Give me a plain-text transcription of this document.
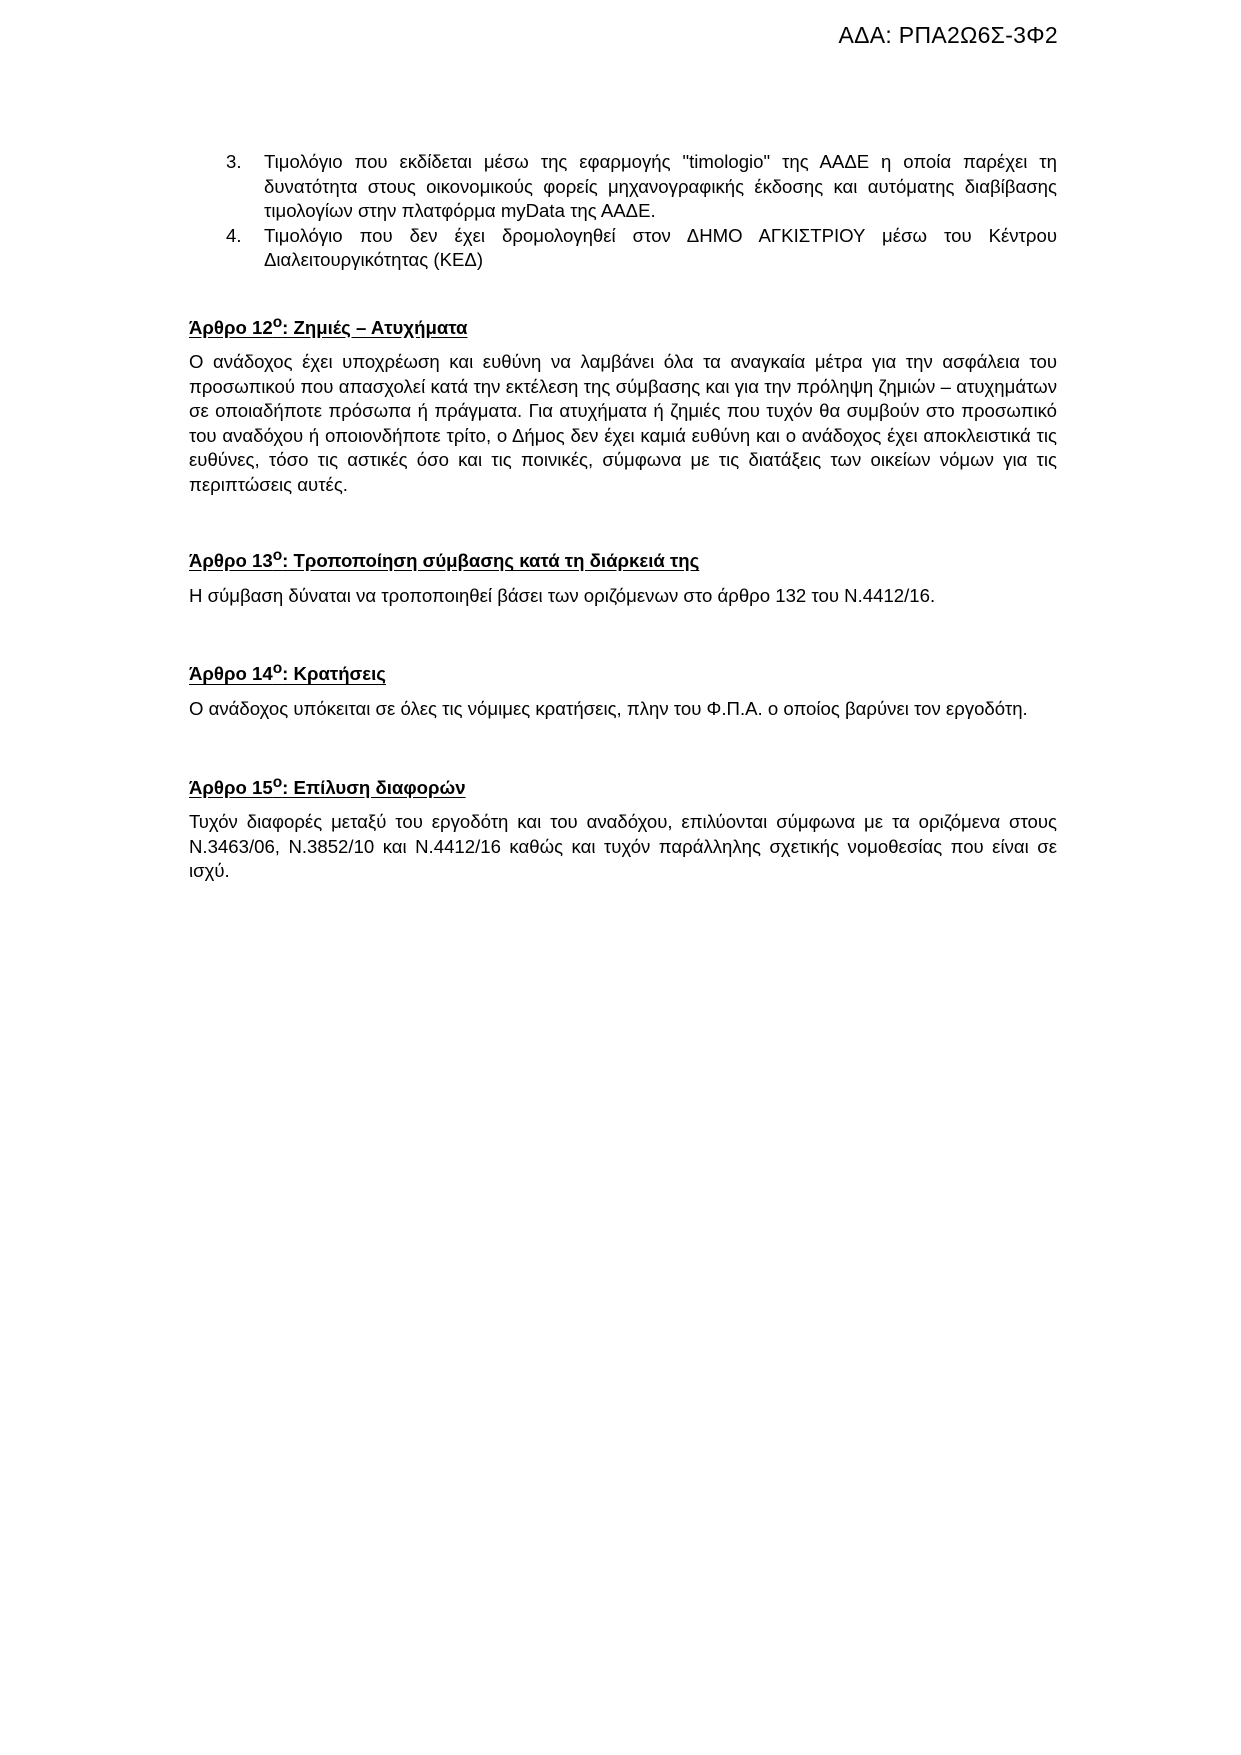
ΑΔΑ: ΡΠΑ2Ω6Σ-3Φ2
3. Τιμολόγιο που εκδίδεται μέσω της εφαρμογής "timologio" της ΑΑΔΕ η οποία παρέχει τη δυνατότητα στους οικονομικούς φορείς μηχανογραφικής έκδοσης και αυτόματης διαβίβασης τιμολογίων στην πλατφόρμα myData της ΑΑΔΕ.
4. Τιμολόγιο που δεν έχει δρομολογηθεί στον ΔΗΜΟ ΑΓΚΙΣΤΡΙΟΥ μέσω του Κέντρου Διαλειτουργικότητας (ΚΕΔ)
Άρθρο $12^o$: Ζημιές – Ατυχήματα

Ο ανάδοχος έχει υποχρέωση και ευθύνη να λαμβάνει όλα τα αναγκαία μέτρα για την ασφάλεια του προσωπικού που απασχολεί κατά την εκτέλεση της σύμβασης και για την πρόληψη ζημιών – ατυχημάτων σε οποιαδήποτε πρόσωπα ή πράγματα. Για ατυχήματα ή ζημιές που τυχόν θα συμβούν στο προσωπικό του αναδόχου ή οποιονδήποτε τρίτο, ο Δήμος δεν έχει καμιά ευθύνη και ο ανάδοχος έχει αποκλειστικά τις ευθύνες, τόσο τις αστικές όσο και τις ποινικές, σύμφωνα με τις διατάξεις των οικείων νόμων για τις περιπτώσεις αυτές.

Άρθρο $13^o$: Τροποποίηση σύμβασης κατά τη διάρκειά της

Η σύμβαση δύναται να τροποποιηθεί βάσει των οριζόμενων στο άρθρο 132 του Ν.4412/16.

Άρθρο $14^o$: Κρατήσεις

Ο ανάδοχος υπόκειται σε όλες τις νόμιμες κρατήσεις, πλην του Φ.Π.Α. ο οποίος βαρύνει τον εργοδότη.

Άρθρο $15^o$: Επίλυση διαφορών

Τυχόν διαφορές μεταξύ του εργοδότη και του αναδόχου, επιλύονται σύμφωνα με τα οριζόμενα στους Ν.3463/06, Ν.3852/10 και Ν.4412/16 καθώς και τυχόν παράλληλης σχετικής νομοθεσίας που είναι σε ισχύ.
